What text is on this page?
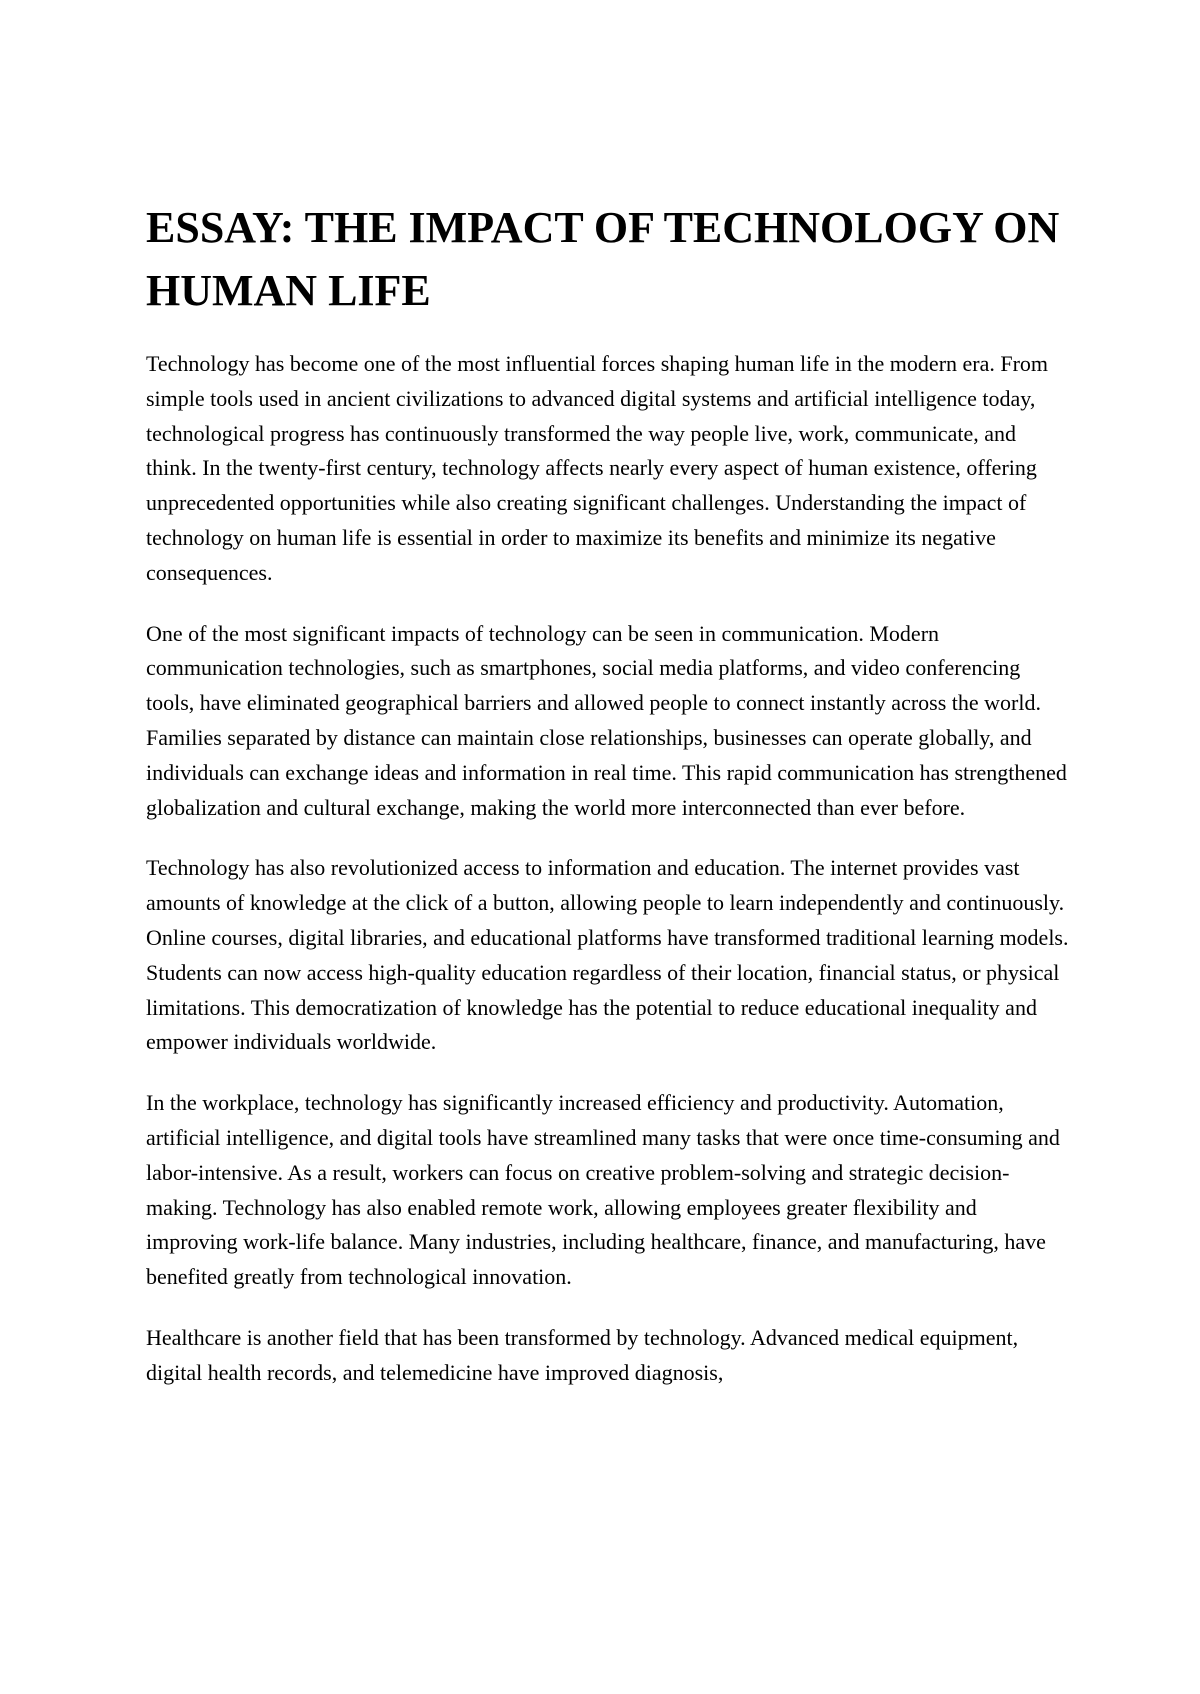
ESSAY: THE IMPACT OF TECHNOLOGY ON HUMAN LIFE

Technology has become one of the most influential forces shaping human life in the modern era. From simple tools used in ancient civilizations to advanced digital systems and artificial intelligence today, technological progress has continuously transformed the way people live, work, communicate, and think. In the twenty-first century, technology affects nearly every aspect of human existence, offering unprecedented opportunities while also creating significant challenges. Understanding the impact of technology on human life is essential in order to maximize its benefits and minimize its negative consequences.

One of the most significant impacts of technology can be seen in communication. Modern communication technologies, such as smartphones, social media platforms, and video conferencing tools, have eliminated geographical barriers and allowed people to connect instantly across the world. Families separated by distance can maintain close relationships, businesses can operate globally, and individuals can exchange ideas and information in real time. This rapid communication has strengthened globalization and cultural exchange, making the world more interconnected than ever before.

Technology has also revolutionized access to information and education. The internet provides vast amounts of knowledge at the click of a button, allowing people to learn independently and continuously. Online courses, digital libraries, and educational platforms have transformed traditional learning models. Students can now access high-quality education regardless of their location, financial status, or physical limitations. This democratization of knowledge has the potential to reduce educational inequality and empower individuals worldwide.

In the workplace, technology has significantly increased efficiency and productivity. Automation, artificial intelligence, and digital tools have streamlined many tasks that were once time-consuming and labor-intensive. As a result, workers can focus on creative problem-solving and strategic decision-making. Technology has also enabled remote work, allowing employees greater flexibility and improving work-life balance. Many industries, including healthcare, finance, and manufacturing, have benefited greatly from technological innovation.

Healthcare is another field that has been transformed by technology. Advanced medical equipment, digital health records, and telemedicine have improved diagnosis,
